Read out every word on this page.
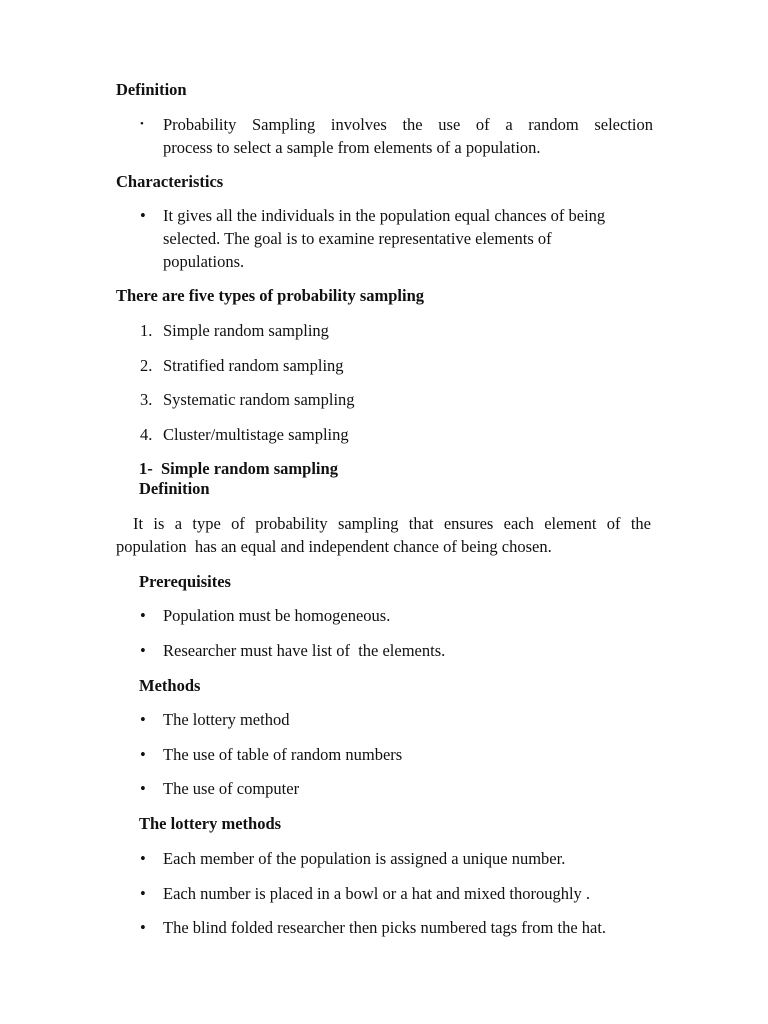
Definition
• Probability Sampling involves the use of a random selection
process to select a sample from elements of a population.
Characteristics
• It gives all the individuals in the population equal chances of being
selected. The goal is to examine representative elements of
populations.
There are five types of probability sampling
1. Simple random sampling
2. Stratified random sampling
3. Systematic random sampling
4. Cluster/multistage sampling
1-  Simple random sampling
Definition
It is a type of probability sampling that ensures each element of the
population  has an equal and independent chance of being chosen.
Prerequisites
• Population must be homogeneous.
• Researcher must have list of  the elements.
Methods
• The lottery method
• The use of table of random numbers
• The use of computer
The lottery methods
• Each member of the population is assigned a unique number.
• Each number is placed in a bowl or a hat and mixed thoroughly .
• The blind folded researcher then picks numbered tags from the hat.
